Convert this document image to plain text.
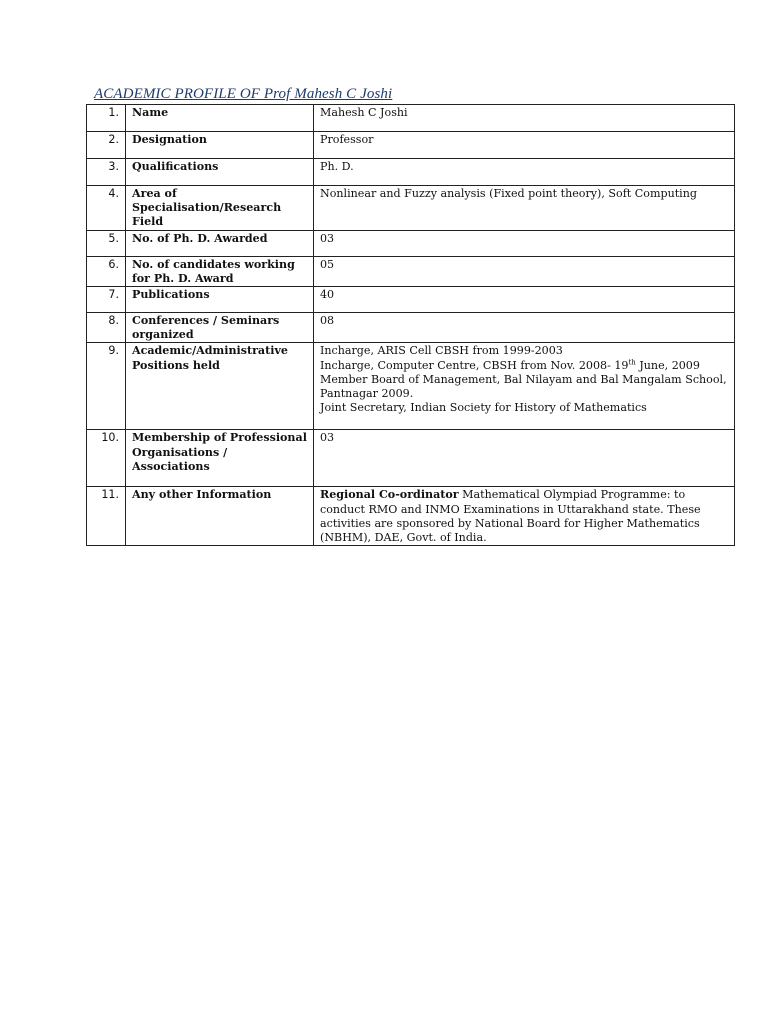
ACADEMIC PROFILE OF Prof Mahesh C Joshi
1.	Name	Mahesh C Joshi
2.	Designation	Professor
3.	Qualifications	Ph. D.
4.	Area of Specialisation/Research Field	Nonlinear and Fuzzy analysis (Fixed point theory), Soft Computing
5.	No. of Ph. D. Awarded	03
6.	No. of candidates working for Ph. D. Award	05
7.	Publications	40
8.	Conferences / Seminars organized	08
9.	Academic/Administrative Positions held	Incharge, ARIS Cell CBSH from 1999-2003
Incharge, Computer Centre, CBSH from Nov. 2008- 19th June, 2009
Member Board of Management, Bal Nilayam and Bal Mangalam School, Pantnagar 2009.
Joint Secretary, Indian Society for History of Mathematics

10.	Membership of Professional Organisations / Associations	03
11.	Any other Information	Regional Co-ordinator Mathematical Olympiad Programme: to conduct RMO and INMO Examinations in Uttarakhand state. These activities are sponsored by National Board for Higher Mathematics (NBHM), DAE, Govt. of India.
